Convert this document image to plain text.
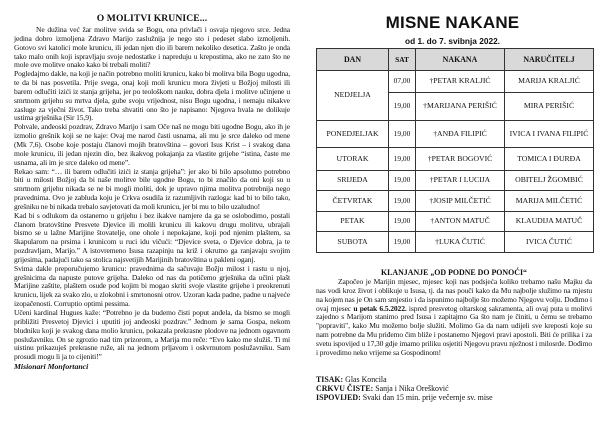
O MOLITVI KRUNICE...

Ne dužina već žar molitve svida se Bogu, ona privlači i osvaja njegovo srce. Jedna jedina dobro izmoljena Zdravo Marijo zaslužnija je nego sto i pedeset slabo izmoljenih. Gotovo svi katolici mole krunicu, ili jedan njen dio ili barem nekoliko desetica. Zašto je onda tako malo onih koji ispravljaju svoje nedostatke i napreduju u krepostima, ako ne zato što ne mole ove molitve onako kako bi trebali moliti?

Pogledajmo dakle, na koji je način potrebno moliti krunicu, kako bi molitva bila Bogu ugodna, te da bi nas posvetila. Prije svega, onaj koji moli krunicu mora živjeti u Božjoj milosti ili barem odlučiti izići iz stanja grijeha, jer po teološkom nauku, dobra djela i molitve učinjene u smrtnom grijehu su mrtva djela, gube svoju vrijednost, nisu Bogu ugodna, i nemaju nikakve zasluge za vječni život. Tako treba shvatiti ono što je napisano: Njegova hvala ne dolikuje ustima grješnika (Sir 15,9).

Pohvale, anđeoski pozdrav, Zdravo Marijo i sam Oče naš ne mogu biti ugodne Bogu, ako ih je izmolio grešnik koji se ne kaje: Ovaj me narod časti usnama, ali mu je srce daleko od mene (Mk 7,6). Osobe koje postaju članovi mojih bratovština – govori Isus Krist – i svakog dana mole krunicu, ili jedan njezin dio, bez ikakvog pokajanja za vlastite grijehe “istina, časte me usnama, ali im je srce daleko od mene”.

Rekao sam: “… ili barem odlučiti izići iz stanja grijeha”: jer ako bi bilo apsolutno potrebno biti u milosti Božjoj da bi naše molitve bile ugodne Bogu, to bi značilo da oni koji su u smrtnom grijehu nikada se ne bi mogli moliti, dok je upravo njima molitva potrebnija nego pravednima. Ovo je zabluda koju je Crkva osudila iz razumljivih razloga: kad bi to bilo tako, grešniku ne bi nikada trebalo savjetovati da moli krunicu, jer bi mu to bilo uzaludno!

Kad bi s odlukom da ostanemo u grijehu i bez ikakve namjere da ga se oslobodimo, postali članom bratovštine Presvete Djevice ili molili krunicu ili kakovu drugu molitvu, ubrajali bismo se u lažne Marijine štovatelje, one ohole i nepokajane, koji pod njenim plaštem, sa škapularom na prsima i krunicom u ruci idu vičući: “Djevice sveta, o Djevice dobra, ja te pozdravljam, Marijo.” A istovremeno Isusa razapinju na križ i okrutno ga ranjavaju svojim grijesima, padajući tako sa stolica najsvetijih Marijinih bratovština u pakleni oganj.

Svima dakle preporučujemo krunicu: pravednima da sačuvaju Božju milost i rastu u njoj, grešnicima da napuste putove grijeha. Daleko od nas da potičemo grješnika da učini plašt Marijine zaštite, plaštem osude pod kojim bi mogao skriti svoje vlastite grijehe i preokrenuti krunicu, lijek za svako zlo, u zlokobni i smrtonosni otrov. Uzoran kada padne, padne u najveće izopačenosti. Corruptio optimi pessima.

Učeni kardinal Hugues kaže: “Potrebno je da budemo čisti poput anđela, da bismo se mogli približiti Presvetoj Djevici i uputiti joj anđeoski pozdrav.” Jednom je sama Gospa, nekom bludniku koji je svakog dana molio krunicu, pokazala prekrasne plodove na jednom ogavnom poslužavniku. On se zgrozio nad tim prizorom, a Marija mu reče: “Evo kako me služiš. Ti mi uistinu prikazuješ prekrasne ruže, ali na jednom prljavom i oskvrnutom poslužavniku. Sam prosudi mogu li ja to cijeniti!”

Misionari Monfortanci

MISNE NAKANE
od 1. do 7. svibnja 2022.
DAN	SAT	NAKANA	NARUČITELJ
NEDJELJA	07,00	†PETAR KRALJIĆ	MARIJA KRALJIĆ
	19,00	†MARIJANA PERIŠIĆ	MIRA PERIŠIĆ
PONEDJELJAK	19,00	†ANĐA FILIPIĆ	IVICA I IVANA FILIPIĆ
UTORAK	19,00	†PETAR BOGOVIĆ	TOMICA I ĐURĐA
SRIJEDA	19,00	†PETAR I LUCIJA	OBITELJ ŽGOMBIĆ
ČETVRTAK	19,00	†JOSIP MILČETIĆ	MARIJA MILČETIĆ
PETAK	19,00	†ANTON MATUČ	KLAUDIJA MATUČ
SUBOTA	19,00	†LUKA ČUTIĆ	IVICA ČUTIĆ
KLANJANJE „OD PODNE DO PONOĆI“

Započeo je Marijin mjesec, mjesec koji nas podsjeća koliko trebamo našu Majku da nas vodi kroz život i oblikuje u Isusa, tj. da nas pouči kako da Mu najbolje služimo na mjestu na kojem nas je On sam smjestio i da ispunimo najbolje što možemo Njegovu volju. Dođimo i ovaj mjesec u petak 6.5.2022. ispred presvetog oltarskog sakramenta, ali ovaj puta u molitvi zajedno s Marijom stanimo pred Isusa i zapitajmo Ga što nam je činiti, u čemu se trebamo "popraviti", kako Mu možemo bolje služiti. Molimo Ga da nam udijeli sve kreposti koje su nam potrebne da Mu priđemo čim bliže i postanemo Njegovi pravi apostoli. Biti će prilika i za svetu ispovijed u 17,30 gdje imamo priliku osjetiti Njegovu pravu nježnost i milosrđe. Dođimo i provedimo neko vrijeme sa Gospodinom!

TISAK: Glas Koncila

CRKVU ČISTE: Sanja i Nika Orešković

ISPOVIJED: Svaki dan 15 min. prije večernje sv. mise
